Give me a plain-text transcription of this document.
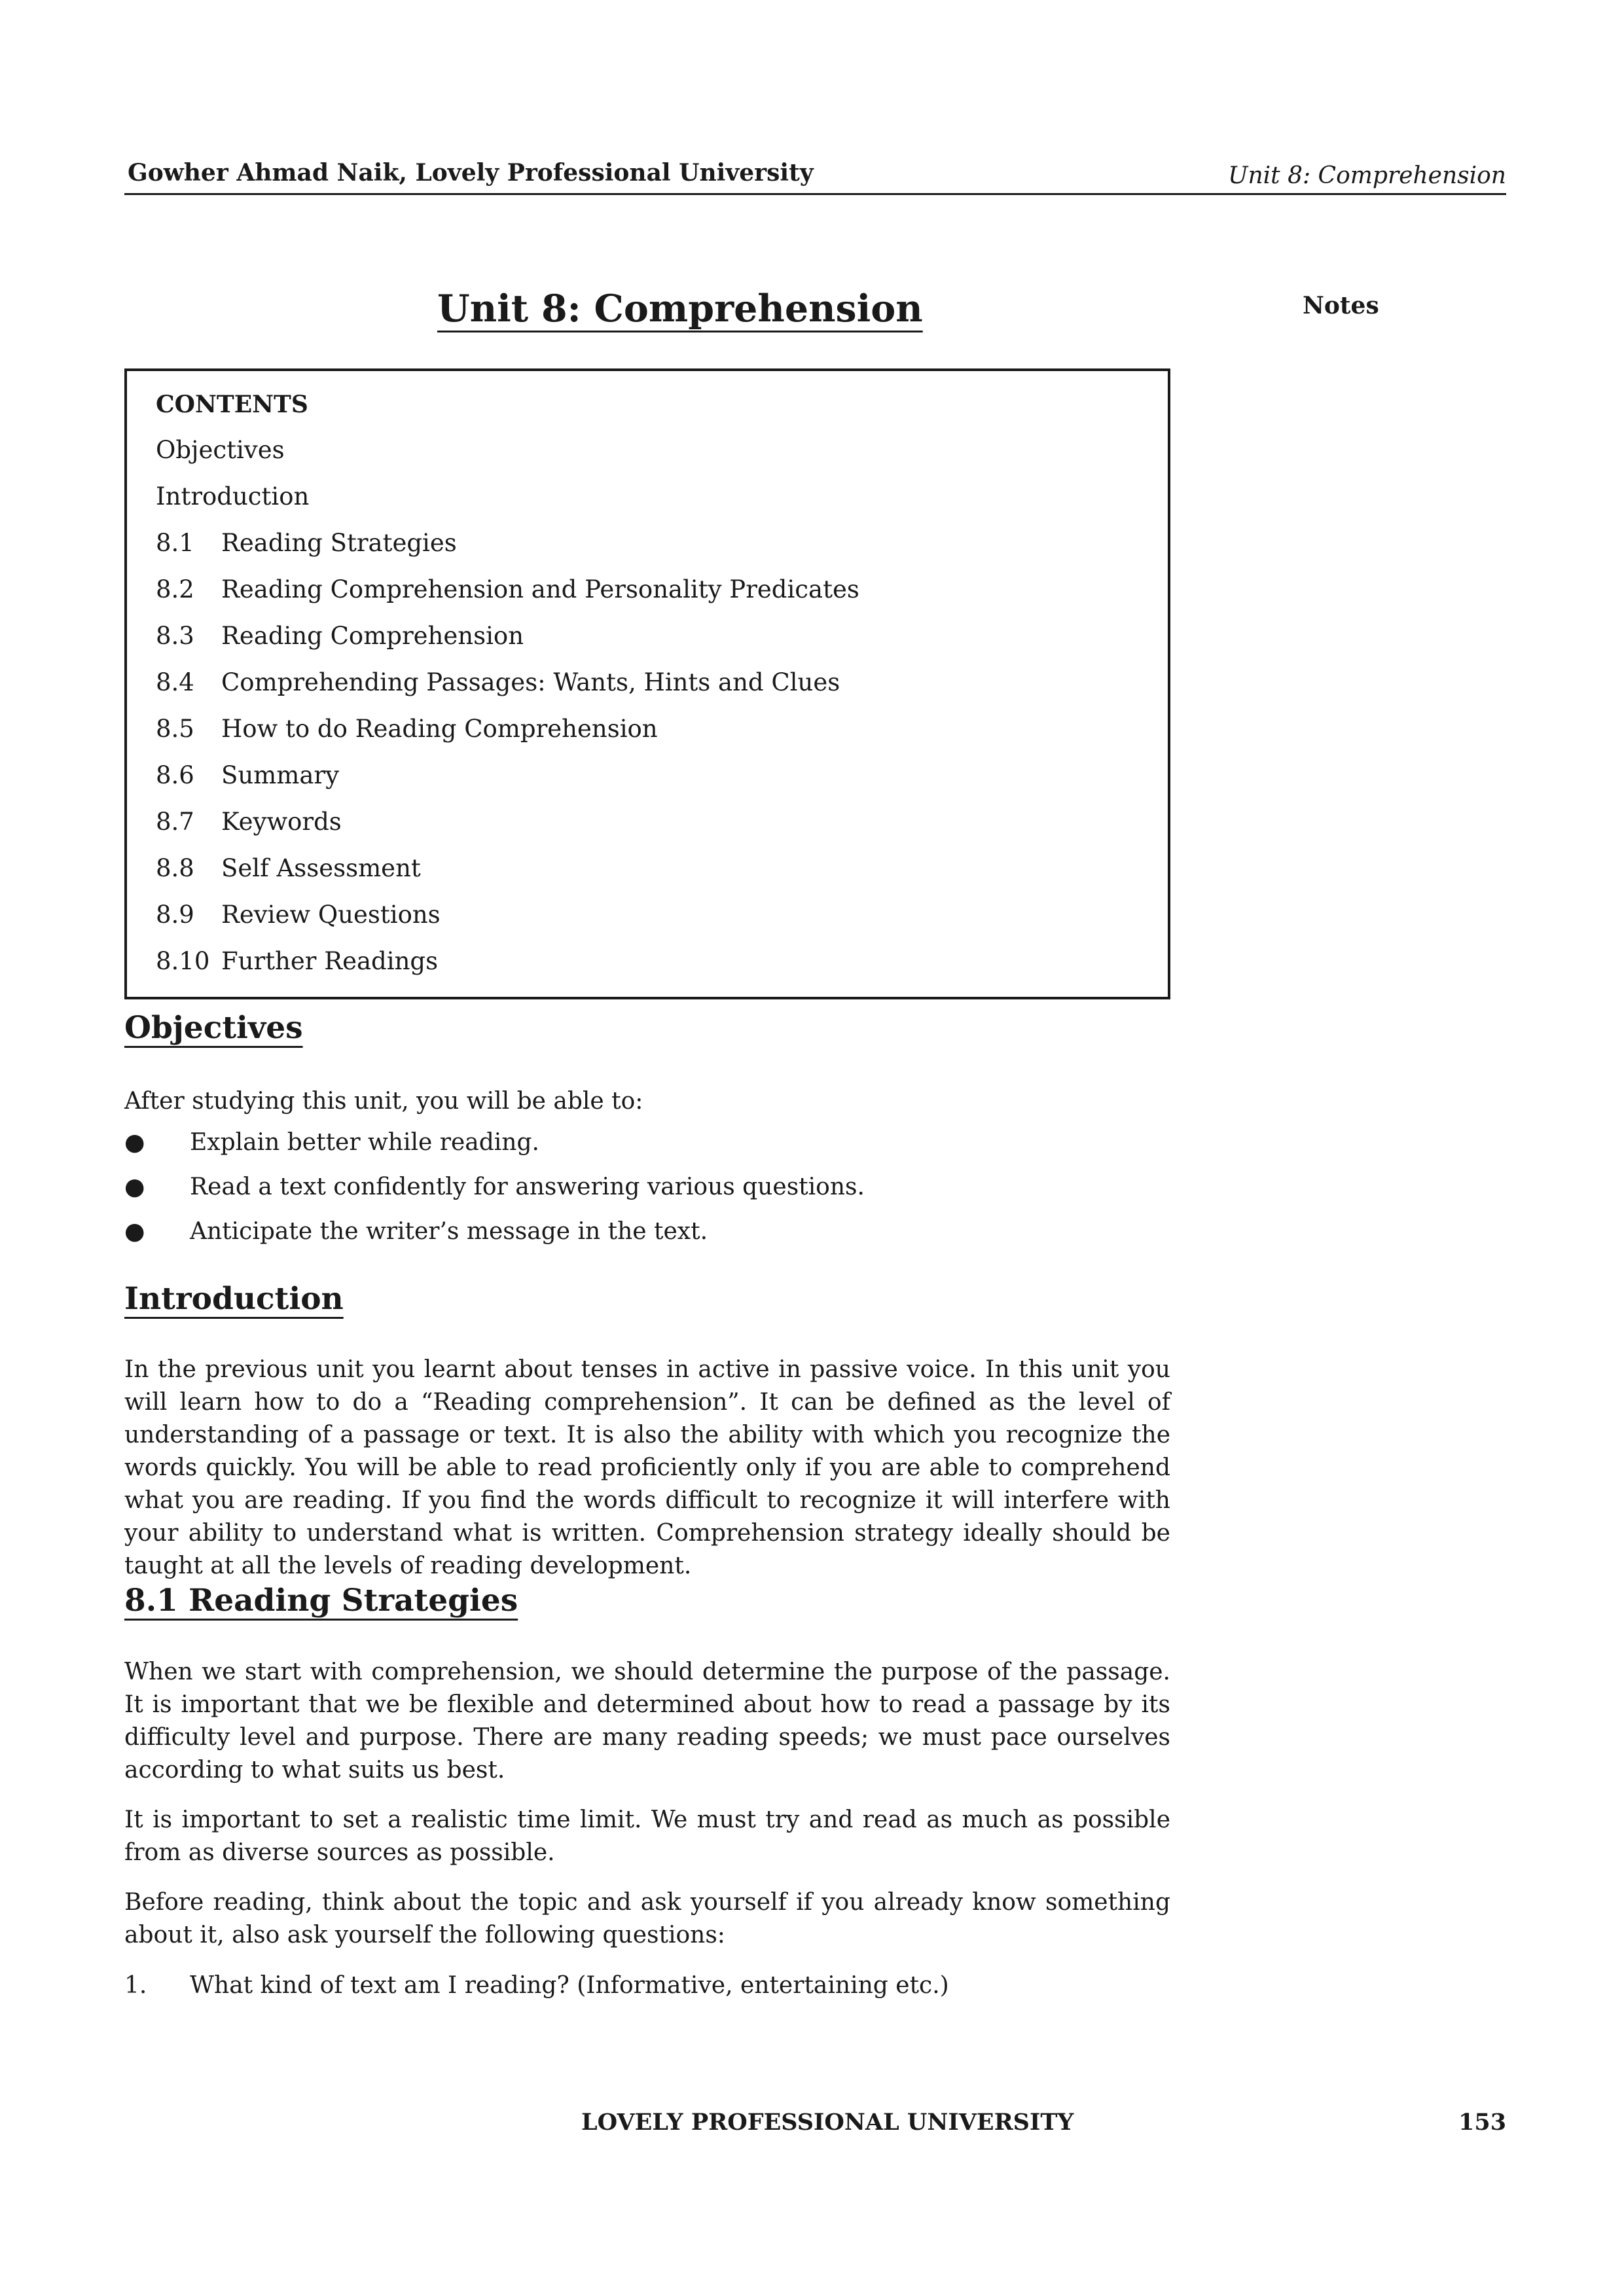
Gowher Ahmad Naik, Lovely Professional University	Unit 8: Comprehension
Notes
Unit 8: Comprehension
CONTENTS
Objectives
Introduction
8.1 Reading Strategies
8.2 Reading Comprehension and Personality Predicates
8.3 Reading Comprehension
8.4 Comprehending Passages: Wants, Hints and Clues
8.5 How to do Reading Comprehension
8.6 Summary
8.7 Keywords
8.8 Self Assessment
8.9 Review Questions
8.10 Further Readings
Objectives
After studying this unit, you will be able to:
● Explain better while reading.
● Read a text confidently for answering various questions.
● Anticipate the writer’s message in the text.
Introduction
In the previous unit you learnt about tenses in active in passive voice. In this unit you will learn how to do a “Reading comprehension”. It can be defined as the level of understanding of a passage or text. It is also the ability with which you recognize the words quickly. You will be able to read proficiently only if you are able to comprehend what you are reading. If you find the words difficult to recognize it will interfere with your ability to understand what is written. Comprehension strategy ideally should be taught at all the levels of reading development.
8.1 Reading Strategies
When we start with comprehension, we should determine the purpose of the passage. It is important that we be flexible and determined about how to read a passage by its difficulty level and purpose. There are many reading speeds; we must pace ourselves according to what suits us best.
It is important to set a realistic time limit. We must try and read as much as possible from as diverse sources as possible.
Before reading, think about the topic and ask yourself if you already know something about it, also ask yourself the following questions:
1. What kind of text am I reading? (Informative, entertaining etc.)
LOVELY PROFESSIONAL UNIVERSITY	153
